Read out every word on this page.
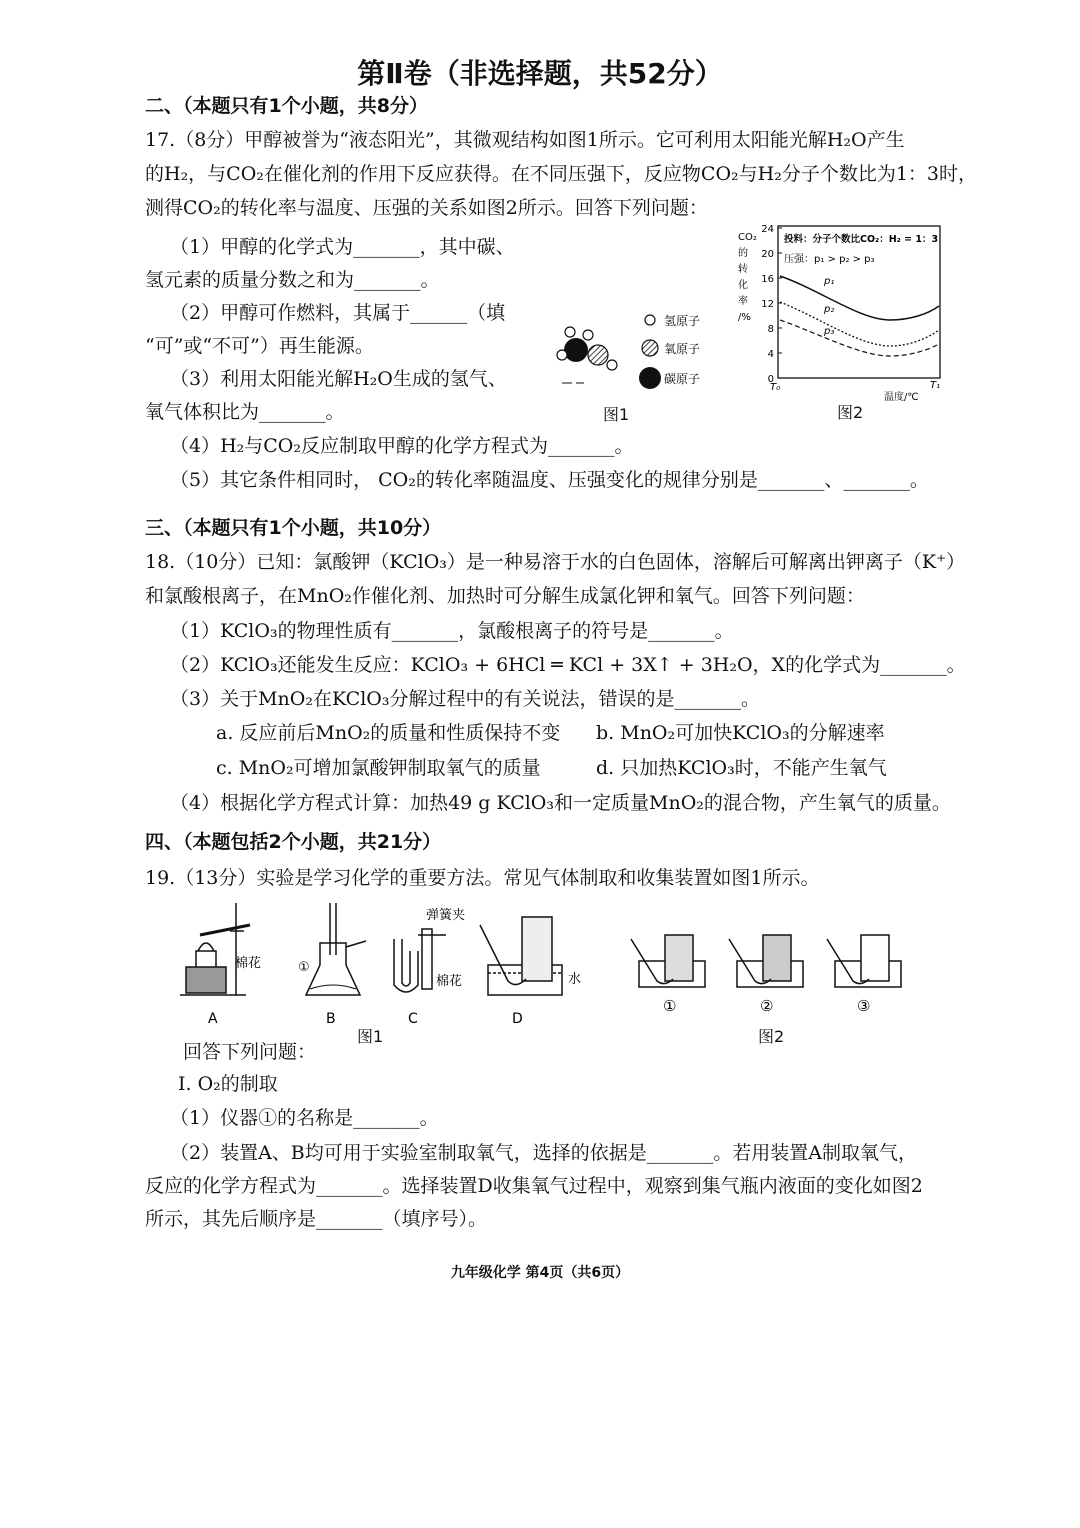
第Ⅱ卷（非选择题，共52分）
二、（本题只有1个小题，共8分）
17.（8分）甲醇被誉为“液态阳光”，其微观结构如图1所示。它可利用太阳能光解H₂O产生
的H₂，与CO₂在催化剂的作用下反应获得。在不同压强下，反应物CO₂与H₂分子个数比为1：3时，
测得CO₂的转化率与温度、压强的关系如图2所示。回答下列问题：
（1）甲醇的化学式为_______，其中碳、
氢元素的质量分数之和为_______。
（2）甲醇可作燃料，其属于______（填
“可”或“不可”）再生能源。
（3）利用太阳能光解H₂O生成的氢气、
氧气体积比为_______。
（4）H₂与CO₂反应制取甲醇的化学方程式为_______。
（5）其它条件相同时， CO₂的转化率随温度、压强变化的规律分别是_______、_______。
氢原子
氧原子
碳原子
图1
CO₂
的
转
化
率
/%
24
20
16
12
8
4
0
投料：分子个数比CO₂：H₂ = 1：3
压强：p₁ > p₂ > p₃
p₁
p₂
p₃
T₀	T₁
温度/℃
图2
三、（本题只有1个小题，共10分）
18.（10分）已知：氯酸钾（KClO₃）是一种易溶于水的白色固体，溶解后可解离出钾离子（K⁺）
和氯酸根离子，在MnO₂作催化剂、加热时可分解生成氯化钾和氧气。回答下列问题：
（1）KClO₃的物理性质有_______，氯酸根离子的符号是_______。
（2）KClO₃还能发生反应：KClO₃ + 6HCl ═ KCl + 3X↑ + 3H₂O，X的化学式为_______。
（3）关于MnO₂在KClO₃分解过程中的有关说法，错误的是_______。
a. 反应前后MnO₂的质量和性质保持不变 b. MnO₂可加快KClO₃的分解速率
c. MnO₂可增加氯酸钾制取氧气的质量	d. 只加热KClO₃时，不能产生氧气
（4）根据化学方程式计算：加热49 g KClO₃和一定质量MnO₂的混合物，产生氧气的质量。
四、（本题包括2个小题，共21分）
19.（13分）实验是学习化学的重要方法。常见气体制取和收集装置如图1所示。
棉花
A
①
B
弹簧夹
棉花
C
水
D
图1
①	②	③
图2
回答下列问题：
Ⅰ. O₂的制取
（1）仪器①的名称是_______。
（2）装置A、B均可用于实验室制取氧气，选择的依据是_______。若用装置A制取氧气，
反应的化学方程式为_______。选择装置D收集氧气过程中，观察到集气瓶内液面的变化如图2
所示，其先后顺序是_______（填序号）。
九年级化学 第4页（共6页）
